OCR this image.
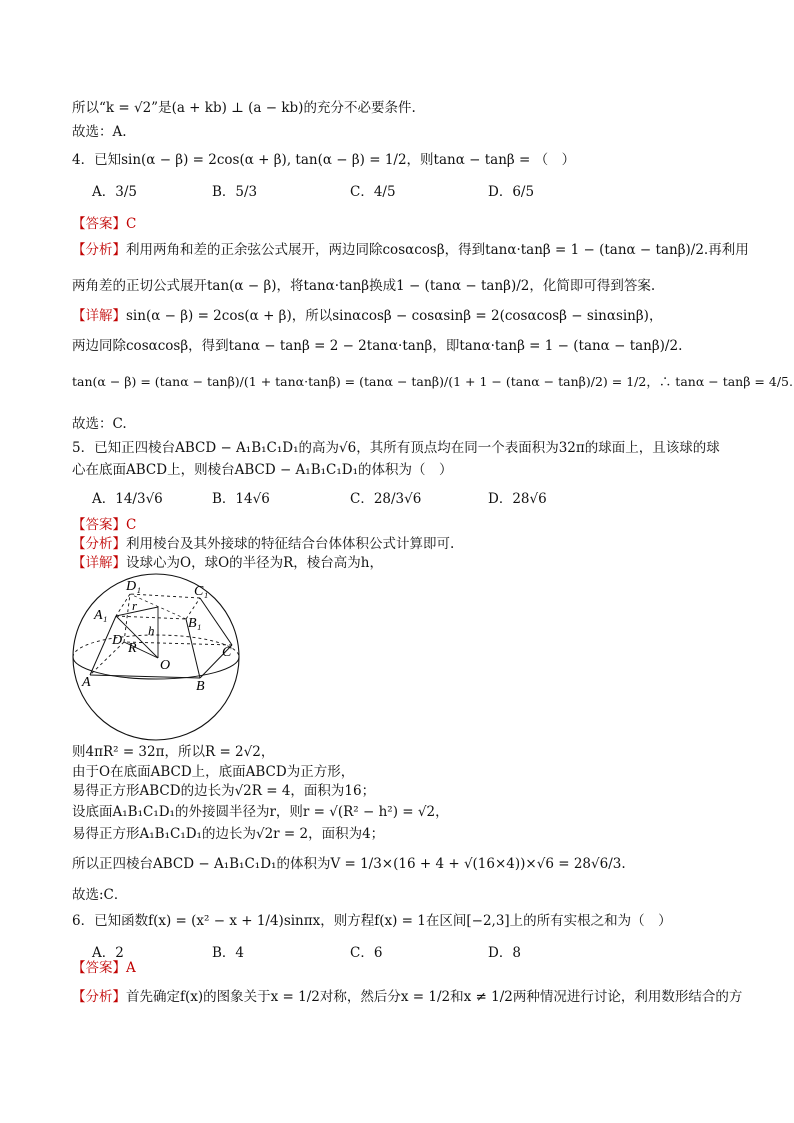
所以“k = √2”是(a + kb) ⊥ (a − kb)的充分不必要条件.
故选：A.
4．已知sin(α − β) = 2cos(α + β), tan(α − β) = 1/2，则tanα − tanβ = （　）
A．3/5	B．5/3	C．4/5	D．6/5
【答案】C
【分析】利用两角和差的正余弦公式展开，两边同除cosαcosβ，得到tanα·tanβ = 1 − (tanα − tanβ)/2.再利用
两角差的正切公式展开tan(α − β)，将tanα·tanβ换成1 − (tanα − tanβ)/2，化简即可得到答案.
【详解】sin(α − β) = 2cos(α + β)，所以sinαcosβ − cosαsinβ = 2(cosαcosβ − sinαsinβ)，
两边同除cosαcosβ，得到tanα − tanβ = 2 − 2tanα·tanβ，即tanα·tanβ = 1 − (tanα − tanβ)/2.
tan(α − β) = (tanα − tanβ)/(1 + tanα·tanβ) = (tanα − tanβ)/(1 + 1 − (tanα − tanβ)/2) = 1/2，∴ tanα − tanβ = 4/5.
故选：C.
5．已知正四棱台ABCD − A₁B₁C₁D₁的高为√6，其所有顶点均在同一个表面积为32π的球面上，且该球的球
心在底面ABCD上，则棱台ABCD − A₁B₁C₁D₁的体积为（　）
A．14/3√6	B．14√6	C．28/3√6	D．28√6
【答案】C
【分析】利用棱台及其外接球的特征结合台体体积公式计算即可.
【详解】设球心为O，球O的半径为R，棱台高为h，
D₁	C₁
A₁
B₁
r
h
D
R
O
C
A	B
则4πR² = 32π，所以R = 2√2，
由于O在底面ABCD上，底面ABCD为正方形，
易得正方形ABCD的边长为√2R = 4，面积为16；
设底面A₁B₁C₁D₁的外接圆半径为r，则r = √(R² − h²) = √2，
易得正方形A₁B₁C₁D₁的边长为√2r = 2，面积为4；
所以正四棱台ABCD − A₁B₁C₁D₁的体积为V = 1/3×(16 + 4 + √(16×4))×√6 = 28√6/3.
故选:C．
6．已知函数f(x) = (x² − x + 1/4)sinπx，则方程f(x) = 1在区间[−2,3]上的所有实根之和为（　）
A．2	B．4	C．6	D．8
【答案】A
【分析】首先确定f(x)的图象关于x = 1/2对称，然后分x = 1/2和x ≠ 1/2两种情况进行讨论，利用数形结合的方
